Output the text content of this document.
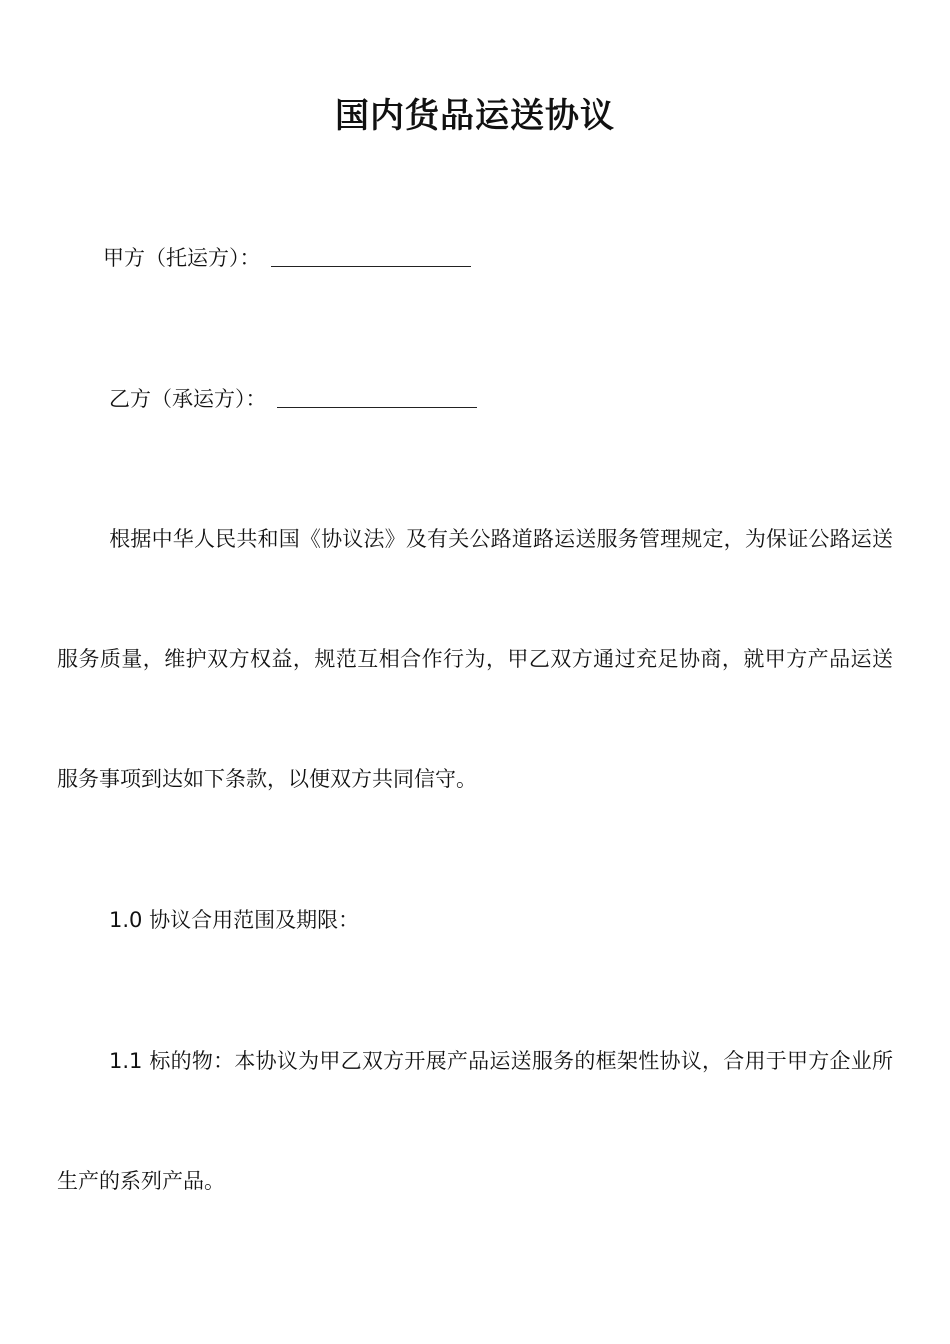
国内货品运送协议
甲方（托运方）：
乙方（承运方）：
根据中华人民共和国《协议法》及有关公路道路运送服务管理规定，为保证公路运送服务质量，维护双方权益，规范互相合作行为，甲乙双方通过充足协商，就甲方产品运送服务事项到达如下条款，以便双方共同信守。
1.0 协议合用范围及期限：
1.1 标的物：本协议为甲乙双方开展产品运送服务的框架性协议，合用于甲方企业所生产的系列产品。
